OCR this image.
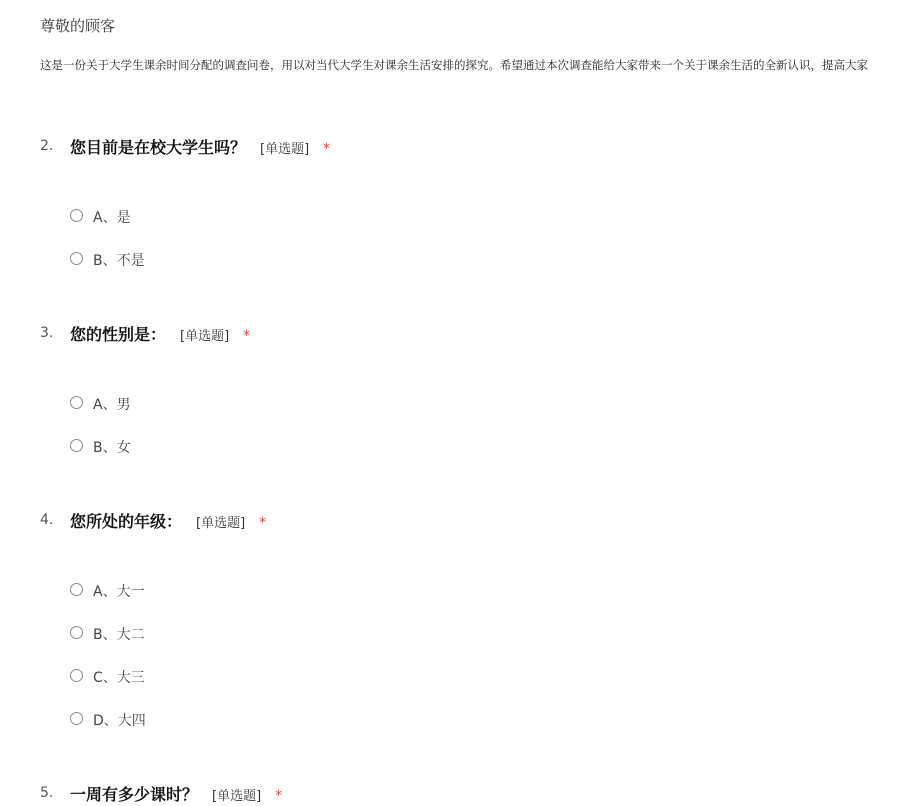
尊敬的顾客
这是一份关于大学生课余时间分配的调查问卷，用以对当代大学生对课余生活安排的探究。希望通过本次调查能给大家带来一个关于课余生活的全新认识，提高大家
2. 您目前是在校大学生吗？ [单选题] *
A、是
B、不是
3. 您的性别是： [单选题] *
A、男
B、女
4. 您所处的年级： [单选题] *
A、大一
B、大二
C、大三
D、大四
5. 一周有多少课时？ [单选题] *
